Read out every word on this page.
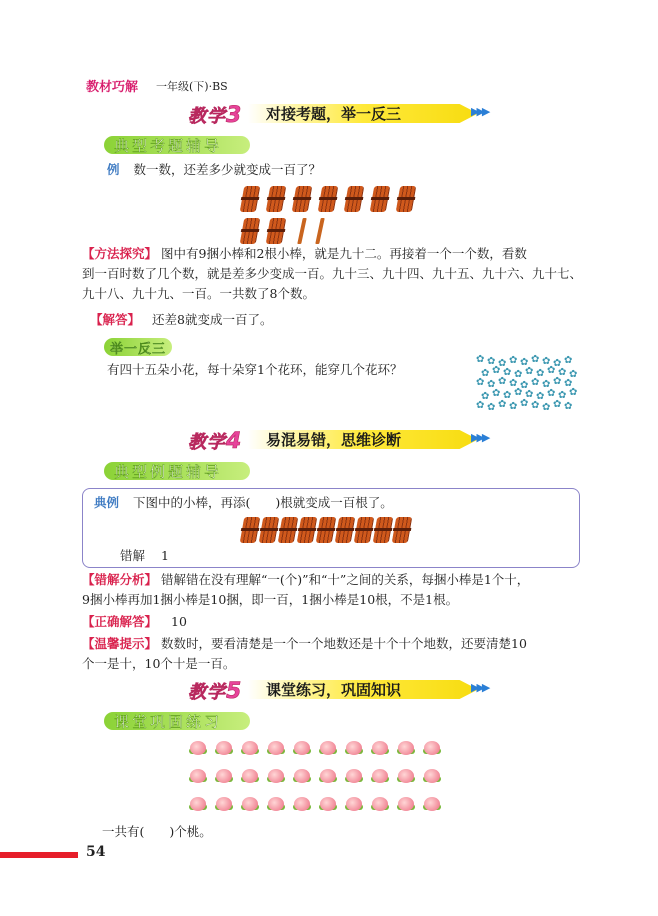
教材巧解 一年级(下)·BS
教学3 对接考题，举一反三	▶▶▶
典型考题辅导
例 数一数，还差多少就变成一百了？
【方法探究】 图中有9捆小棒和2根小棒，就是九十二。再接着一个一个数，看数
到一百时数了几个数，就是差多少变成一百。九十三、九十四、九十五、九十六、九十七、
九十八、九十九、一百。一共数了8个数。
【解答】 还差8就变成一百了。
举一反三
有四十五朵小花，每十朵穿1个花环，能穿几个花环？
✿ ✿ ✿ ✿ ✿ ✿ ✿ ✿ ✿
✿ ✿ ✿ ✿ ✿ ✿ ✿ ✿ ✿
✿ ✿ ✿ ✿ ✿ ✿ ✿ ✿ ✿
✿ ✿ ✿ ✿ ✿ ✿ ✿ ✿ ✿
✿ ✿ ✿ ✿ ✿ ✿ ✿ ✿ ✿
教学4 易混易错，思维诊断	▶▶▶
典型例题辅导
典例 下图中的小棒，再添(　　)根就变成一百根了。
错解 1
【错解分析】 错解错在没有理解“一(个)”和“十”之间的关系，每捆小棒是1个十，
9捆小棒再加1捆小棒是10捆，即一百，1捆小棒是10根，不是1根。
【正确解答】 10
【温馨提示】 数数时，要看清楚是一个一个地数还是十个十个地数，还要清楚10
个一是十，10个十是一百。
教学5 课堂练习，巩固知识	▶▶▶
课堂巩固练习
一共有(　　)个桃。
54
